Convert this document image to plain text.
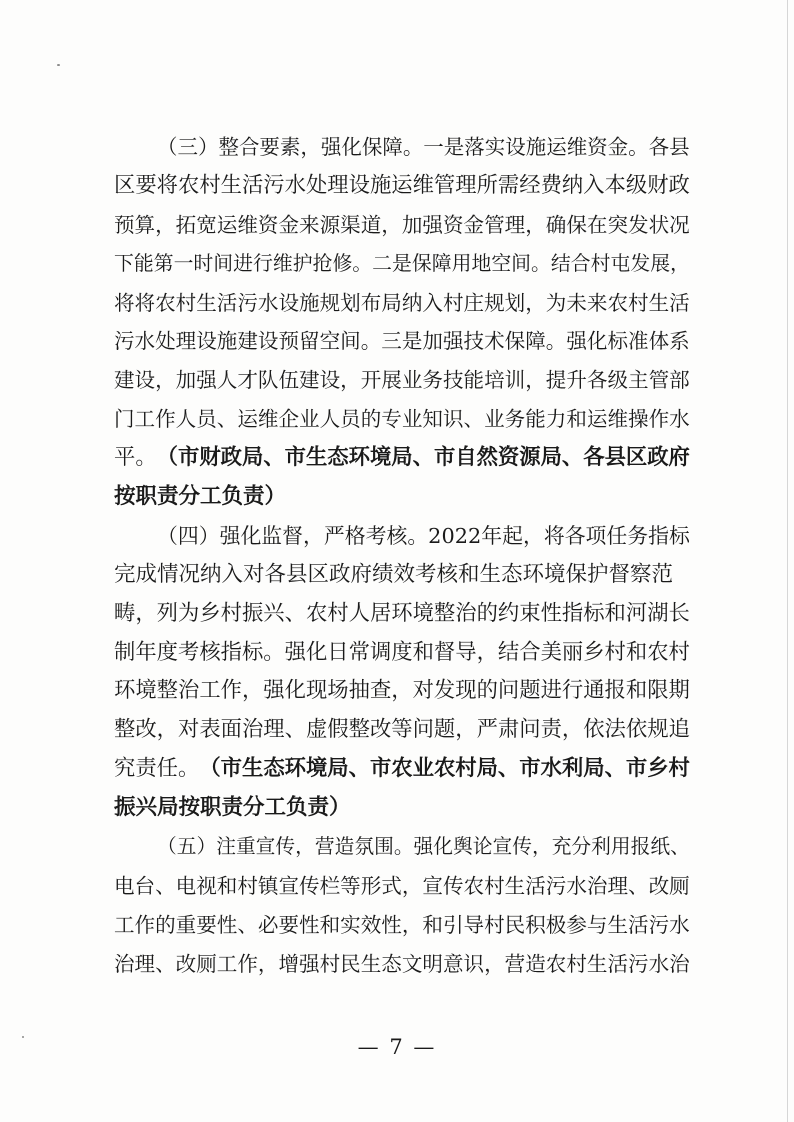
（三）整合要素，强化保障。一是落实设施运维资金。各县
区要将农村生活污水处理设施运维管理所需经费纳入本级财政
预算，拓宽运维资金来源渠道，加强资金管理，确保在突发状况
下能第一时间进行维护抢修。二是保障用地空间。结合村屯发展，
将将农村生活污水设施规划布局纳入村庄规划，为未来农村生活
污水处理设施建设预留空间。三是加强技术保障。强化标准体系
建设，加强人才队伍建设，开展业务技能培训，提升各级主管部
门工作人员、运维企业人员的专业知识、业务能力和运维操作水
平。（市财政局、市生态环境局、市自然资源局、各县区政府
按职责分工负责）
（四）强化监督，严格考核。2022年起，将各项任务指标
完成情况纳入对各县区政府绩效考核和生态环境保护督察范
畴，列为乡村振兴、农村人居环境整治的约束性指标和河湖长
制年度考核指标。强化日常调度和督导，结合美丽乡村和农村
环境整治工作，强化现场抽查，对发现的问题进行通报和限期
整改，对表面治理、虚假整改等问题，严肃问责，依法依规追
究责任。（市生态环境局、市农业农村局、市水利局、市乡村
振兴局按职责分工负责）
（五）注重宣传，营造氛围。强化舆论宣传，充分利用报纸、
电台、电视和村镇宣传栏等形式，宣传农村生活污水治理、改厕
工作的重要性、必要性和实效性，和引导村民积极参与生活污水
治理、改厕工作，增强村民生态文明意识，营造农村生活污水治
— 7 —
